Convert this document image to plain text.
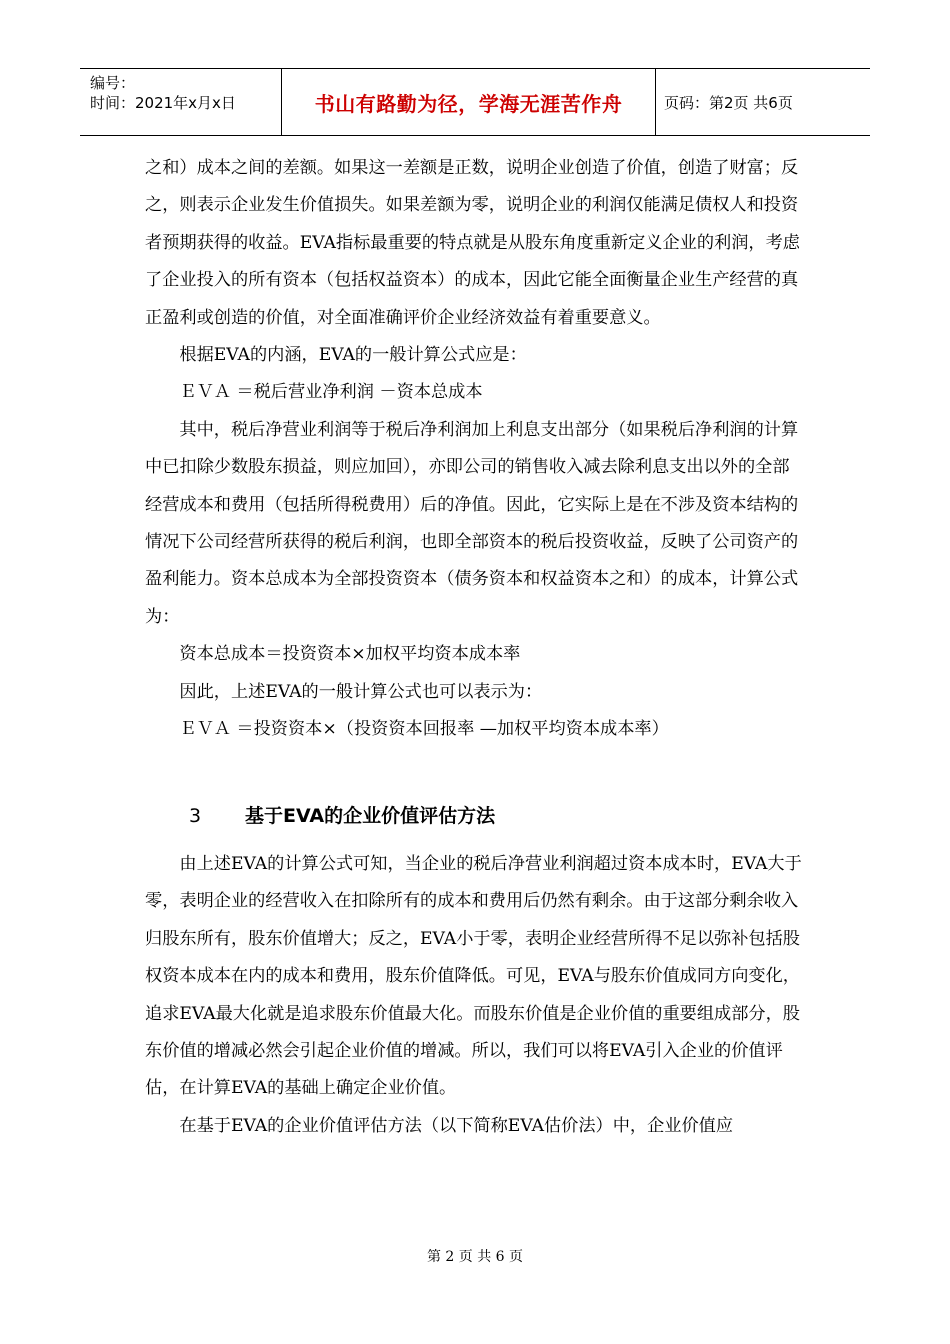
编号：
时间：2021年x月x日	书山有路勤为径，学海无涯苦作舟	页码：第2页 共6页

之和）成本之间的差额。如果这一差额是正数，说明企业创造了价值，创造了财富；反之，则表示企业发生价值损失。如果差额为零，说明企业的利润仅能满足债权人和投资者预期获得的收益。EVA指标最重要的特点就是从股东角度重新定义企业的利润，考虑了企业投入的所有资本（包括权益资本）的成本，因此它能全面衡量企业生产经营的真正盈利或创造的价值，对全面准确评价企业经济效益有着重要意义。

根据EVA的内涵，EVA的一般计算公式应是：

ＥＶＡ ＝税后营业净利润 －资本总成本

其中，税后净营业利润等于税后净利润加上利息支出部分（如果税后净利润的计算中已扣除少数股东损益，则应加回），亦即公司的销售收入减去除利息支出以外的全部经营成本和费用（包括所得税费用）后的净值。因此，它实际上是在不涉及资本结构的情况下公司经营所获得的税后利润，也即全部资本的税后投资收益，反映了公司资产的盈利能力。资本总成本为全部投资资本（债务资本和权益资本之和）的成本，计算公式为：

资本总成本＝投资资本×加权平均资本成本率

因此，上述EVA的一般计算公式也可以表示为：

ＥＶＡ ＝投资资本×（投资资本回报率 —加权平均资本成本率）

3 基于EVA的企业价值评估方法

由上述EVA的计算公式可知，当企业的税后净营业利润超过资本成本时，EVA大于零，表明企业的经营收入在扣除所有的成本和费用后仍然有剩余。由于这部分剩余收入归股东所有，股东价值增大；反之，EVA小于零，表明企业经营所得不足以弥补包括股权资本成本在内的成本和费用，股东价值降低。可见，EVA与股东价值成同方向变化，追求EVA最大化就是追求股东价值最大化。而股东价值是企业价值的重要组成部分，股东价值的增减必然会引起企业价值的增减。所以，我们可以将EVA引入企业的价值评估，在计算EVA的基础上确定企业价值。

在基于EVA的企业价值评估方法（以下简称EVA估价法）中，企业价值应

第 2 页 共 6 页
